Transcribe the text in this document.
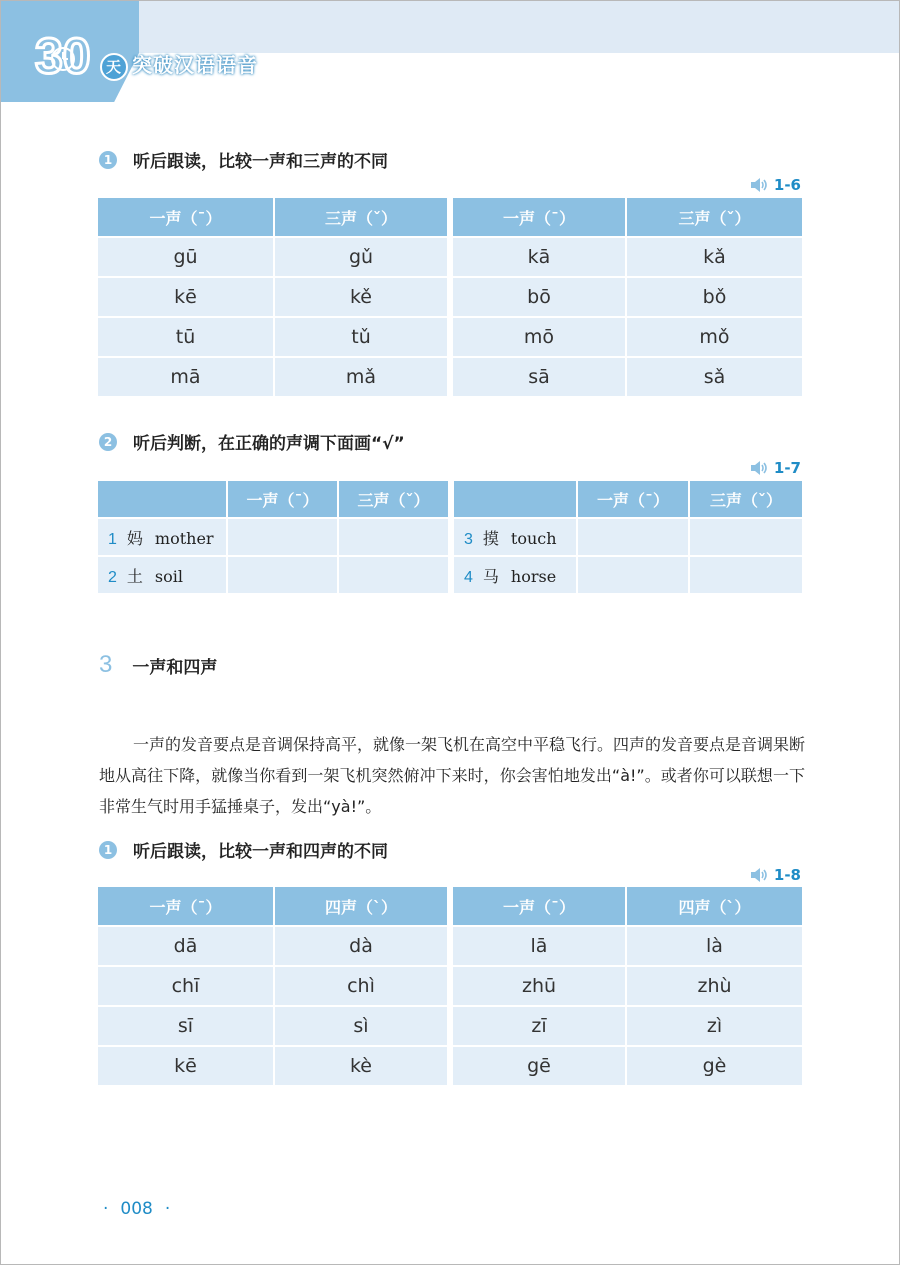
30	天 突破汉语语音
1 听后跟读，比较一声和三声的不同
1-6
一声（ˉ）	三声（ˇ）	一声（ˉ）	三声（ˇ）
gū	gǔ	kā	kǎ
kē	kě	bō	bǒ
tū	tǔ	mō	mǒ
mā	mǎ	sā	sǎ
2 听后判断，在正确的声调下面画“√”
1-7
	一声（ˉ）	三声（ˇ）		一声（ˉ）	三声（ˇ）
1 妈 mother			3 摸 touch		
2 土 soil			4 马 horse		
3 一声和四声

一声的发音要点是音调保持高平，就像一架飞机在高空中平稳飞行。四声的发音要点是音调果断地从高往下降，就像当你看到一架飞机突然俯冲下来时，你会害怕地发出“à!”。或者你可以联想一下非常生气时用手猛捶桌子，发出“yà!”。

1 听后跟读，比较一声和四声的不同
1-8
一声（ˉ）	四声（ˋ）	一声（ˉ）	四声（ˋ）
dā	dà	lā	là
chī	chì	zhū	zhù
sī	sì	zī	zì
kē	kè	gē	gè
· 008 ·
